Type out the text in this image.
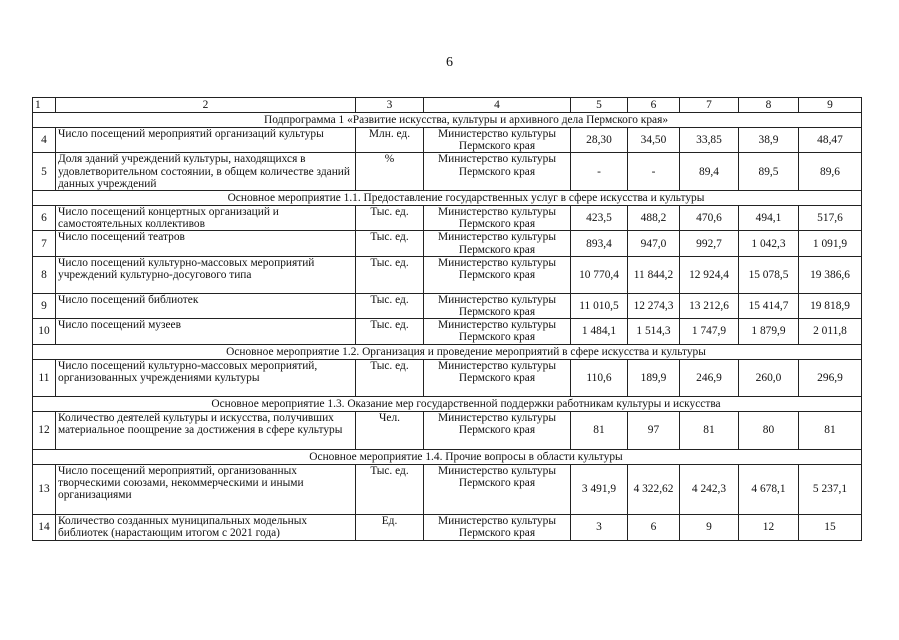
6
1	2	3	4	5	6	7	8	9
Подпрограмма 1 «Развитие искусства, культуры и архивного дела Пермского края»								
4	Число посещений мероприятий организаций культуры	Млн. ед.	Министерство культуры Пермского края	28,30	34,50	33,85	38,9	48,47
5	Доля зданий учреждений культуры, находящихся в удовлетворительном состоянии, в общем количестве зданий данных учреждений	%	Министерство культуры Пермского края	-	-	89,4	89,5	89,6
Основное мероприятие 1.1. Предоставление государственных услуг в сфере искусства и культуры								
6	Число посещений концертных организаций и самостоятельных коллективов	Тыс. ед.	Министерство культуры Пермского края	423,5	488,2	470,6	494,1	517,6
7	Число посещений театров	Тыс. ед.	Министерство культуры Пермского края	893,4	947,0	992,7	1 042,3	1 091,9
8	Число посещений культурно-массовых мероприятий учреждений культурно-досугового типа	Тыс. ед.	Министерство культуры Пермского края	10 770,4	11 844,2	12 924,4	15 078,5	19 386,6
9	Число посещений библиотек	Тыс. ед.	Министерство культуры Пермского края	11 010,5	12 274,3	13 212,6	15 414,7	19 818,9
10	Число посещений музеев	Тыс. ед.	Министерство культуры Пермского края	1 484,1	1 514,3	1 747,9	1 879,9	2 011,8
Основное мероприятие 1.2. Организация и проведение мероприятий в сфере искусства и культуры								
11	Число посещений культурно-массовых мероприятий, организованных учреждениями культуры	Тыс. ед.	Министерство культуры Пермского края	110,6	189,9	246,9	260,0	296,9
Основное мероприятие 1.3. Оказание мер государственной поддержки работникам культуры и искусства								
12	Количество деятелей культуры и искусства, получивших материальное поощрение за достижения в сфере культуры	Чел.	Министерство культуры Пермского края	81	97	81	80	81
Основное мероприятие 1.4. Прочие вопросы в области культуры								
13	Число посещений мероприятий, организованных творческими союзами, некоммерческими и иными организациями	Тыс. ед.	Министерство культуры Пермского края	3 491,9	4 322,62	4 242,3	4 678,1	5 237,1
14	Количество созданных муниципальных модельных библиотек (нарастающим итогом с 2021 года)	Ед.	Министерство культуры Пермского края	3	6	9	12	15
